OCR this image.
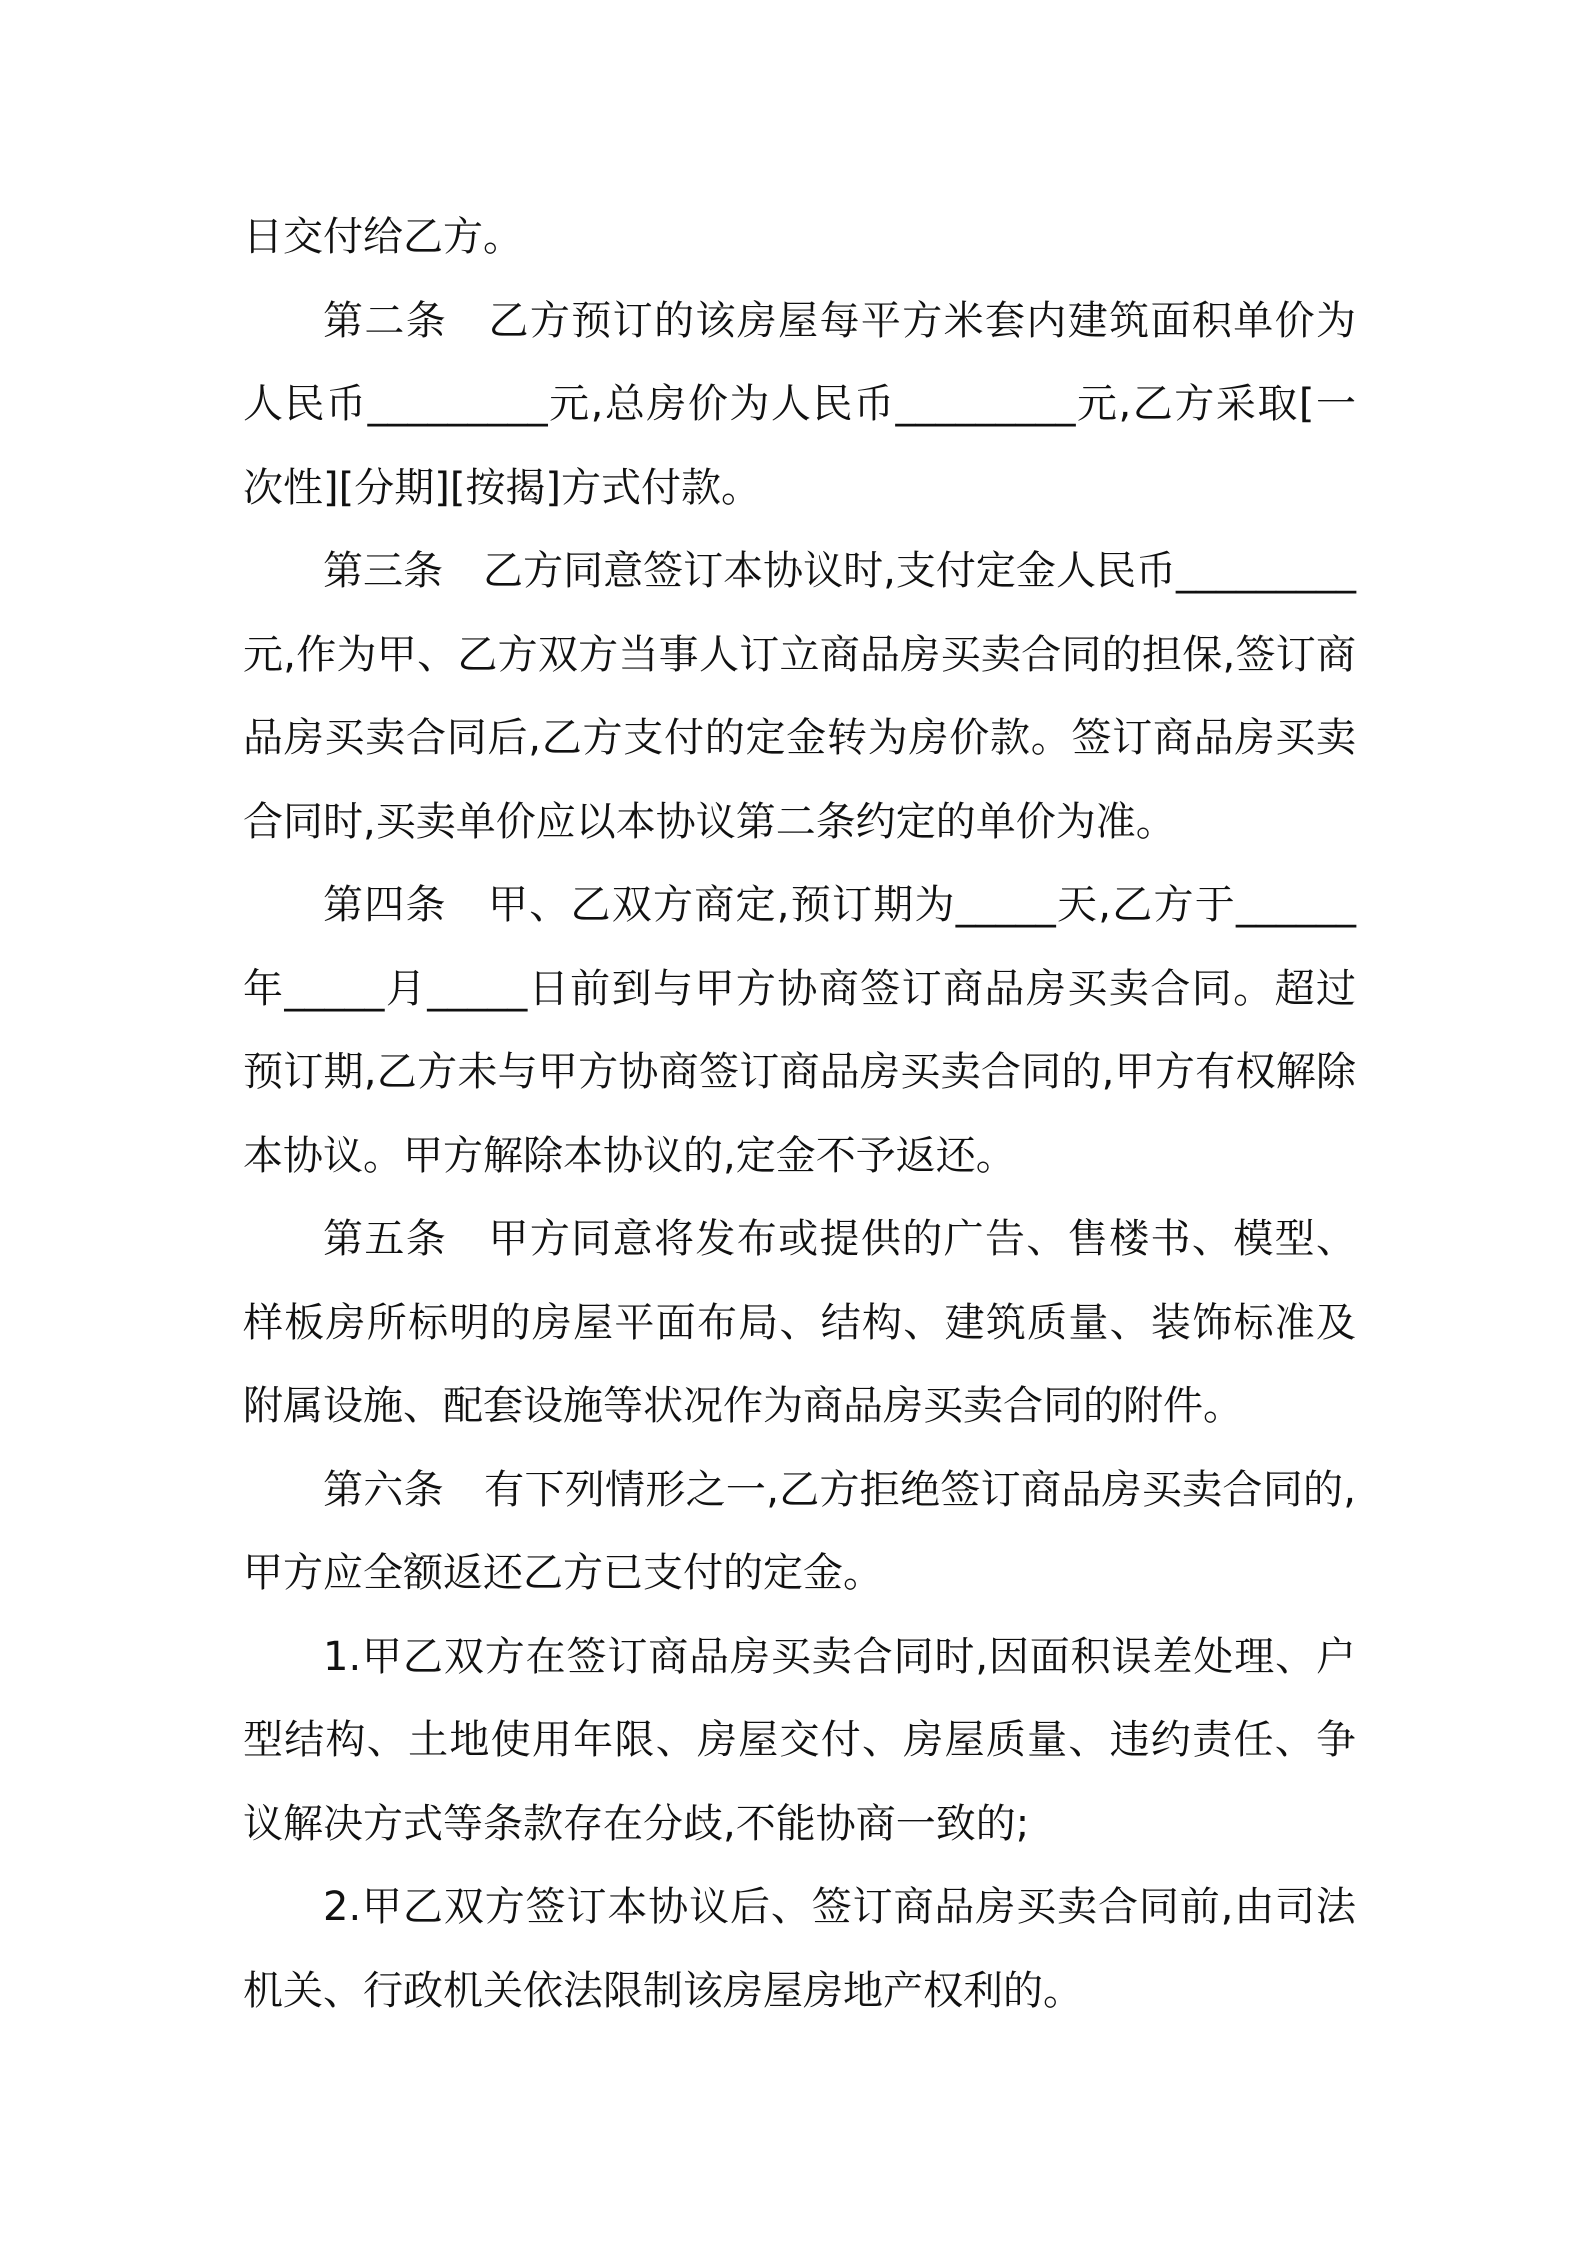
日交付给乙方。

第二条　乙方预订的该房屋每平方米套内建筑面积单价为人民币_________元,总房价为人民币_________元,乙方采取[一次性][分期][按揭]方式付款。

第三条　乙方同意签订本协议时,支付定金人民币_________元,作为甲、乙方双方当事人订立商品房买卖合同的担保,签订商品房买卖合同后,乙方支付的定金转为房价款。签订商品房买卖合同时,买卖单价应以本协议第二条约定的单价为准。

第四条　甲、乙双方商定,预订期为_____天,乙方于______年_____月_____日前到与甲方协商签订商品房买卖合同。超过预订期,乙方未与甲方协商签订商品房买卖合同的,甲方有权解除本协议。甲方解除本协议的,定金不予返还。

第五条　甲方同意将发布或提供的广告、售楼书、模型、样板房所标明的房屋平面布局、结构、建筑质量、装饰标准及附属设施、配套设施等状况作为商品房买卖合同的附件。

第六条　有下列情形之一,乙方拒绝签订商品房买卖合同的,甲方应全额返还乙方已支付的定金。

1.甲乙双方在签订商品房买卖合同时,因面积误差处理、户型结构、土地使用年限、房屋交付、房屋质量、违约责任、争议解决方式等条款存在分歧,不能协商一致的;

2.甲乙双方签订本协议后、签订商品房买卖合同前,由司法机关、行政机关依法限制该房屋房地产权利的。
